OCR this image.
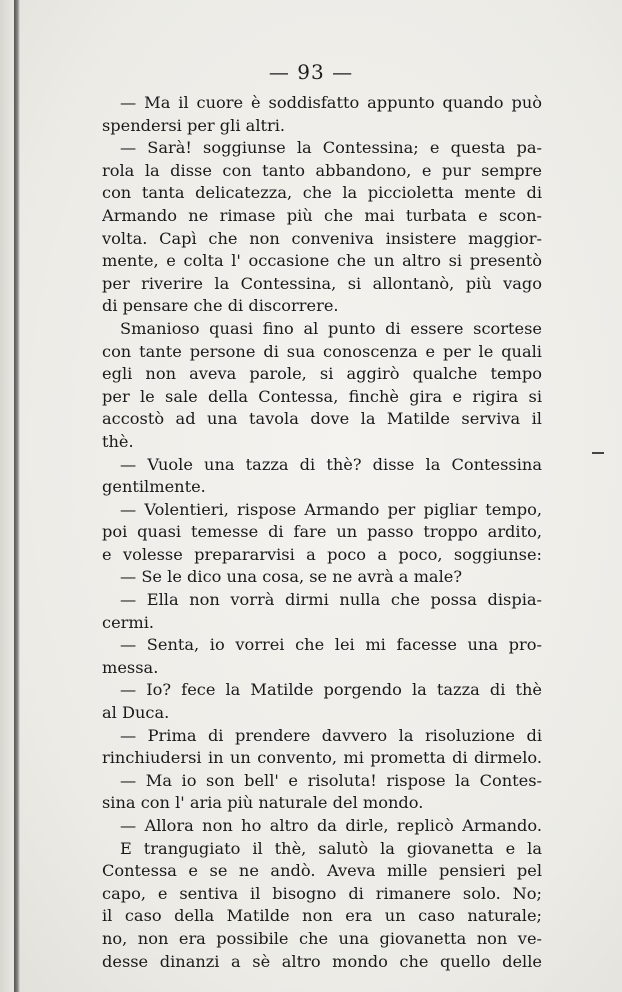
— 93 —
— Ma il cuore è soddisfatto appunto quando può
spendersi per gli altri.
— Sarà! soggiunse la Contessina; e questa pa-
rola la disse con tanto abbandono, e pur sempre
con tanta delicatezza, che la piccioletta mente di
Armando ne rimase più che mai turbata e scon-
volta. Capì che non conveniva insistere maggior-
mente, e colta l' occasione che un altro si presentò
per riverire la Contessina, si allontanò, più vago
di pensare che di discorrere.
Smanioso quasi fino al punto di essere scortese
con tante persone di sua conoscenza e per le quali
egli non aveva parole, si aggirò qualche tempo
per le sale della Contessa, finchè gira e rigira si
accostò ad una tavola dove la Matilde serviva il
thè.
— Vuole una tazza di thè? disse la Contessina
gentilmente.
— Volentieri, rispose Armando per pigliar tempo,
poi quasi temesse di fare un passo troppo ardito,
e volesse prepararvisi a poco a poco, soggiunse:
— Se le dico una cosa, se ne avrà a male?
— Ella non vorrà dirmi nulla che possa dispia-
cermi.
— Senta, io vorrei che lei mi facesse una pro-
messa.
— Io? fece la Matilde porgendo la tazza di thè
al Duca.
— Prima di prendere davvero la risoluzione di
rinchiudersi in un convento, mi prometta di dirmelo.
— Ma io son bell' e risoluta! rispose la Contes-
sina con l' aria più naturale del mondo.
— Allora non ho altro da dirle, replicò Armando.
E trangugiato il thè, salutò la giovanetta e la
Contessa e se ne andò. Aveva mille pensieri pel
capo, e sentiva il bisogno di rimanere solo. No;
il caso della Matilde non era un caso naturale;
no, non era possibile che una giovanetta non ve-
desse dinanzi a sè altro mondo che quello delle
